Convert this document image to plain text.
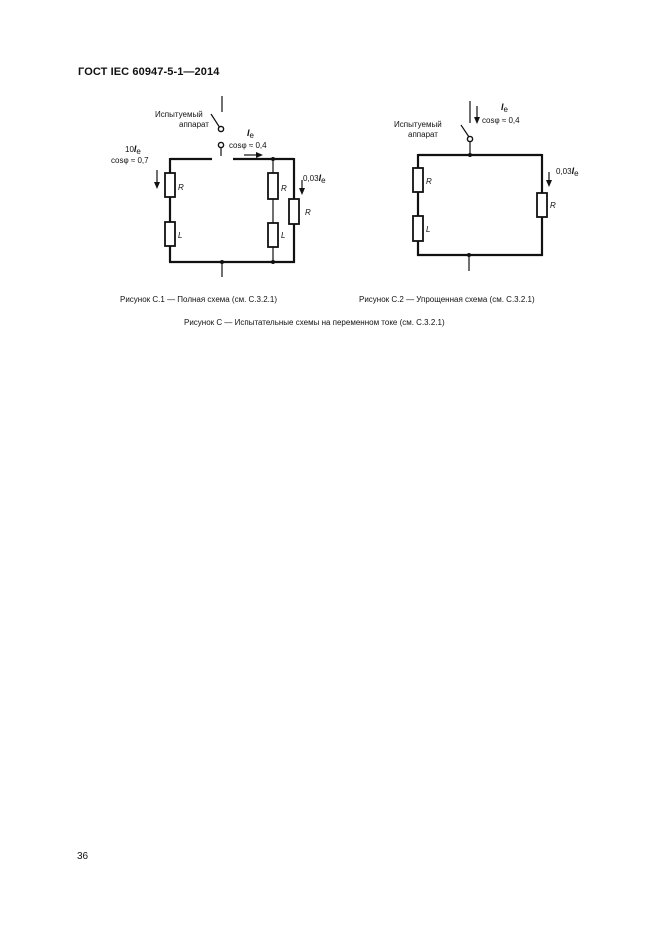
ГОСТ IEC 60947-5-1—2014
Испытуемый
аппарат
Ie
cosφ ≈ 0,4
10Ie
cosφ ≈ 0,7
0,03Ie
R
L
R
L
R
Испытуемый
аппарат
Ie
cosφ ≈ 0,4
0,03Ie
R
L
R
Рисунок С.1 — Полная схема (см. С.3.2.1)	Рисунок С.2 — Упрощенная схема (см. С.3.2.1)
Рисунок С — Испытательные схемы на переменном токе (см. С.3.2.1)
36
